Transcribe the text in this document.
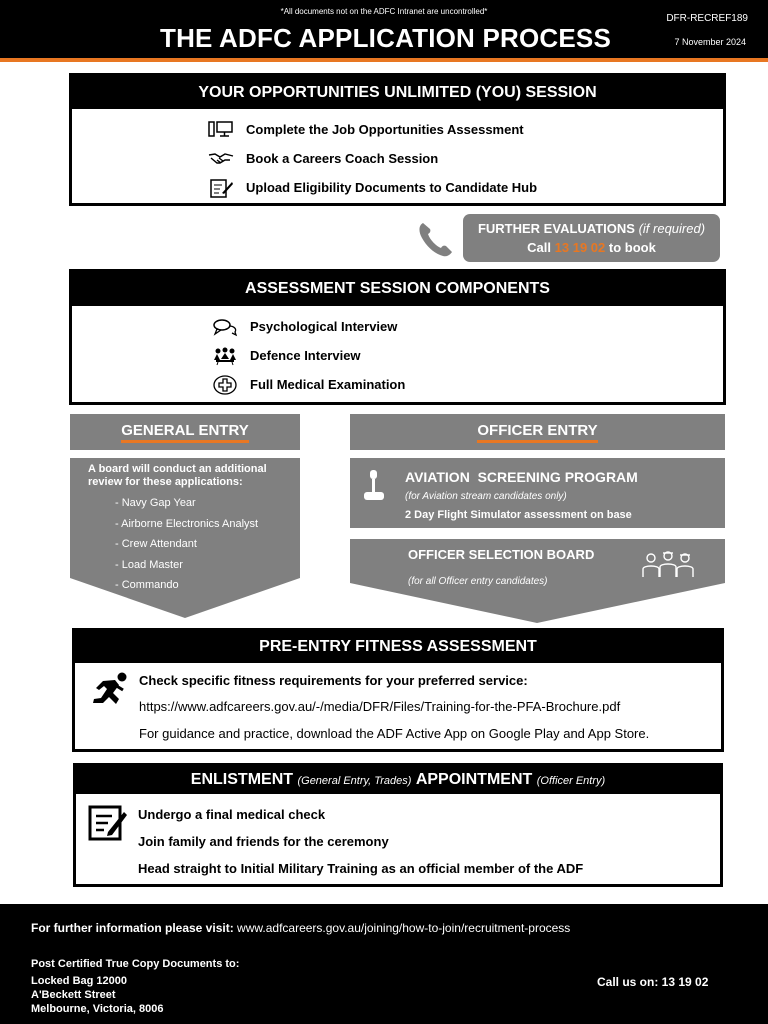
*All documents not on the ADFC Intranet are uncontrolled*
DFR-RECREF189
7 November 2024
THE ADFC APPLICATION PROCESS
YOUR OPPORTUNITIES UNLIMITED (YOU) SESSION
Complete the Job Opportunities Assessment
Book a Careers Coach Session
Upload Eligibility Documents to Candidate Hub
FURTHER EVALUATIONS (if required)
Call 13 19 02 to book
ASSESSMENT SESSION COMPONENTS
Psychological Interview
Defence Interview
Full Medical Examination
GENERAL ENTRY
A board will conduct an additional review for these applications:
- Navy Gap Year
- Airborne Electronics Analyst
- Crew Attendant
- Load Master
- Commando
OFFICER ENTRY
AVIATION  SCREENING PROGRAM
(for Aviation stream candidates only)
2 Day Flight Simulator assessment on base
OFFICER SELECTION BOARD
(for all Officer entry candidates)
PRE-ENTRY FITNESS ASSESSMENT
Check specific fitness requirements for your preferred service:
https://www.adfcareers.gov.au/-/media/DFR/Files/Training-for-the-PFA-Brochure.pdf
For guidance and practice, download the ADF Active App on Google Play and App Store.
ENLISTMENT (General Entry, Trades) APPOINTMENT (Officer Entry)
Undergo a final medical check
Join family and friends for the ceremony
Head straight to Initial Military Training as an official member of the ADF
For further information please visit: www.adfcareers.gov.au/joining/how-to-join/recruitment-process
Post Certified True Copy Documents to:
Locked Bag 12000
A'Beckett Street
Melbourne, Victoria, 8006
Call us on: 13 19 02
